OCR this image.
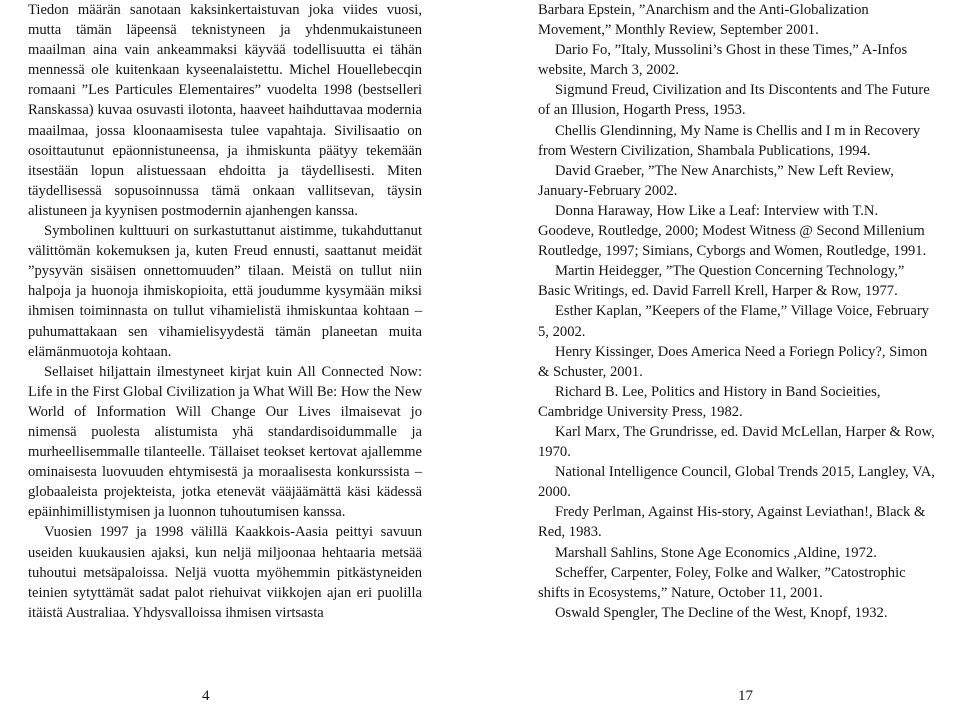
Tiedon määrän sanotaan kaksinkertaistuvan joka viides vuosi, mutta tämän läpeensä teknistyneen ja yhdenmukaistuneen maailman aina vain ankeammaksi käyvää todellisuutta ei tähän mennessä ole kuitenkaan kyseenalaistettu. Michel Houellebecqin romaani ”Les Particules Elementaires” vuodelta 1998 (bestselleri Ranskassa) kuvaa osuvasti ilotonta, haaveet haihduttavaa modernia maailmaa, jossa kloonaamisesta tulee vapahtaja. Sivilisaatio on osoittautunut epäonnistuneensa, ja ihmiskunta päätyy tekemään itsestään lopun alistuessaan ehdoitta ja täydellisesti. Miten täydellisessä sopusoinnussa tämä onkaan vallitsevan, täysin alistuneen ja kyynisen postmodernin ajanhengen kanssa.

Symbolinen kulttuuri on surkastuttanut aistimme, tukahduttanut välittömän kokemuksen ja, kuten Freud ennusti, saattanut meidät ”pysyvän sisäisen onnettomuuden” tilaan. Meistä on tullut niin halpoja ja huonoja ihmiskopioita, että joudumme kysymään miksi ihmisen toiminnasta on tullut vihamielistä ihmiskuntaa kohtaan – puhumattakaan sen vihamielisyydestä tämän planeetan muita elämänmuotoja kohtaan.

Sellaiset hiljattain ilmestyneet kirjat kuin All Connected Now: Life in the First Global Civilization ja What Will Be: How the New World of Information Will Change Our Lives ilmaisevat jo nimensä puolesta alistumista yhä standardisoidummalle ja murheellisemmalle tilanteelle. Tällaiset teokset kertovat ajallemme ominaisesta luovuuden ehtymisestä ja moraalisesta konkurssista – globaaleista projekteista, jotka etenevät vääjäämättä käsi kädessä epäinhimillistymisen ja luonnon tuhoutumisen kanssa.

Vuosien 1997 ja 1998 välillä Kaakkois-Aasia peittyi savuun useiden kuukausien ajaksi, kun neljä miljoonaa hehtaaria metsää tuhoutui metsäpaloissa. Neljä vuotta myöhemmin pitkästyneiden teinien sytyttämät sadat palot riehuivat viikkojen ajan eri puolilla itäistä Australiaa. Yhdysvalloissa ihmisen virtsasta

Barbara Epstein, ”Anarchism and the Anti-Globalization Movement,” Monthly Review, September 2001.

Dario Fo, ”Italy, Mussolini’s Ghost in these Times,” A-Infos website, March 3, 2002.

Sigmund Freud, Civilization and Its Discontents and The Future of an Illusion, Hogarth Press, 1953.

Chellis Glendinning, My Name is Chellis and I m in Recovery from Western Civilization, Shambala Publications, 1994.

David Graeber, ”The New Anarchists,” New Left Review, January-February 2002.

Donna Haraway, How Like a Leaf: Interview with T.N. Goodeve, Routledge, 2000; Modest Witness @ Second Millenium Routledge, 1997; Simians, Cyborgs and Women, Routledge, 1991.

Martin Heidegger, ”The Question Concerning Technology,” Basic Writings, ed. David Farrell Krell, Harper & Row, 1977.

Esther Kaplan, ”Keepers of the Flame,” Village Voice, February 5, 2002.

Henry Kissinger, Does America Need a Foriegn Policy?, Simon & Schuster, 2001.

Richard B. Lee, Politics and History in Band Socieities, Cambridge University Press, 1982.

Karl Marx, The Grundrisse, ed. David McLellan, Harper & Row, 1970.

National Intelligence Council, Global Trends 2015, Langley, VA, 2000.

Fredy Perlman, Against His-story, Against Leviathan!, Black & Red, 1983.

Marshall Sahlins, Stone Age Economics ,Aldine, 1972.

Scheffer, Carpenter, Foley, Folke and Walker, ”Catostrophic shifts in Ecosystems,” Nature, October 11, 2001.

Oswald Spengler, The Decline of the West, Knopf, 1932.

4	17
